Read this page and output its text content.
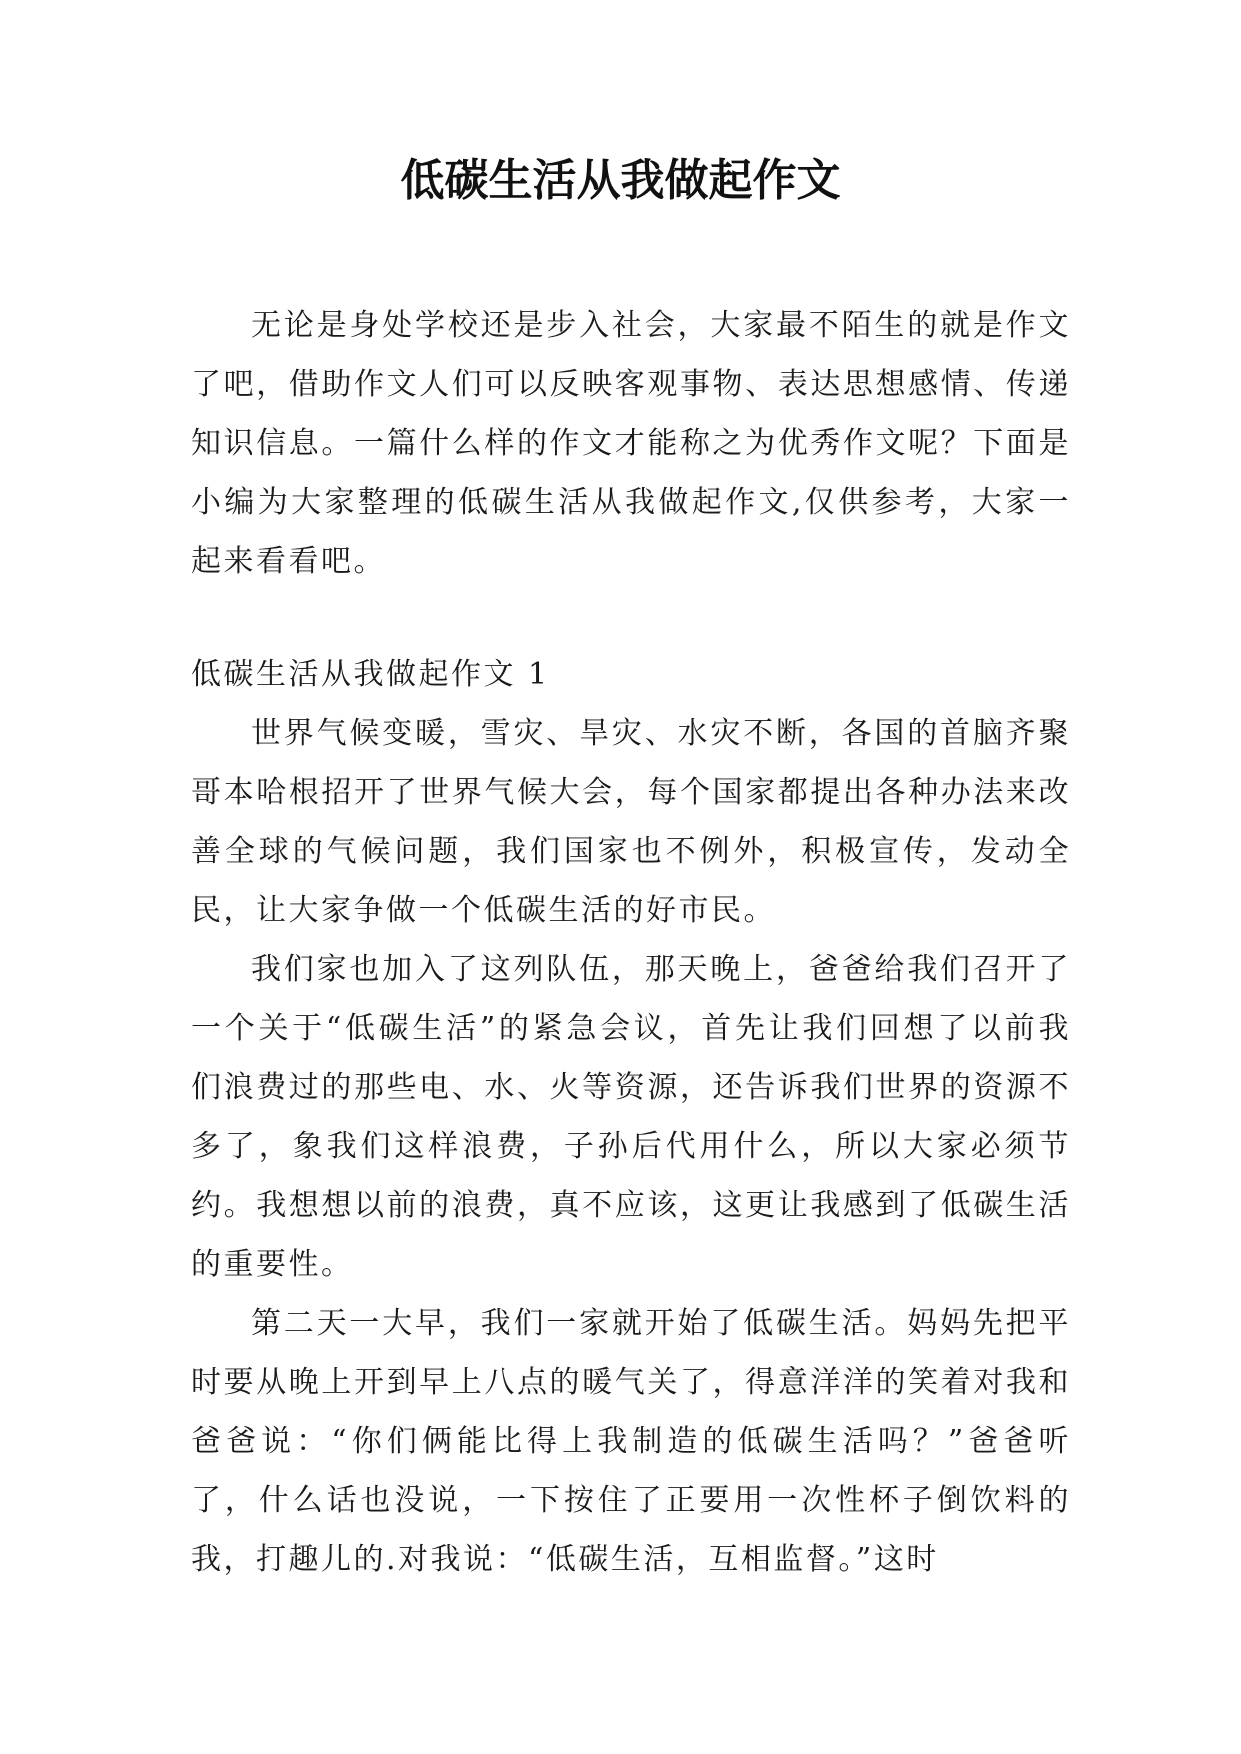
低碳生活从我做起作文

无论是身处学校还是步入社会，大家最不陌生的就是作文了吧，借助作文人们可以反映客观事物、表达思想感情、传递知识信息。一篇什么样的作文才能称之为优秀作文呢？下面是小编为大家整理的低碳生活从我做起作文,仅供参考，大家一起来看看吧。

低碳生活从我做起作文 1

世界气候变暖，雪灾、旱灾、水灾不断，各国的首脑齐聚哥本哈根招开了世界气候大会，每个国家都提出各种办法来改善全球的气候问题，我们国家也不例外，积极宣传，发动全民，让大家争做一个低碳生活的好市民。

我们家也加入了这列队伍，那天晚上，爸爸给我们召开了一个关于“低碳生活”的紧急会议，首先让我们回想了以前我们浪费过的那些电、水、火等资源，还告诉我们世界的资源不多了，象我们这样浪费，子孙后代用什么，所以大家必须节约。我想想以前的浪费，真不应该，这更让我感到了低碳生活的重要性。

第二天一大早，我们一家就开始了低碳生活。妈妈先把平时要从晚上开到早上八点的暖气关了，得意洋洋的笑着对我和爸爸说：“你们俩能比得上我制造的低碳生活吗？”爸爸听了，什么话也没说，一下按住了正要用一次性杯子倒饮料的我，打趣儿的.对我说：“低碳生活，互相监督。”这时
